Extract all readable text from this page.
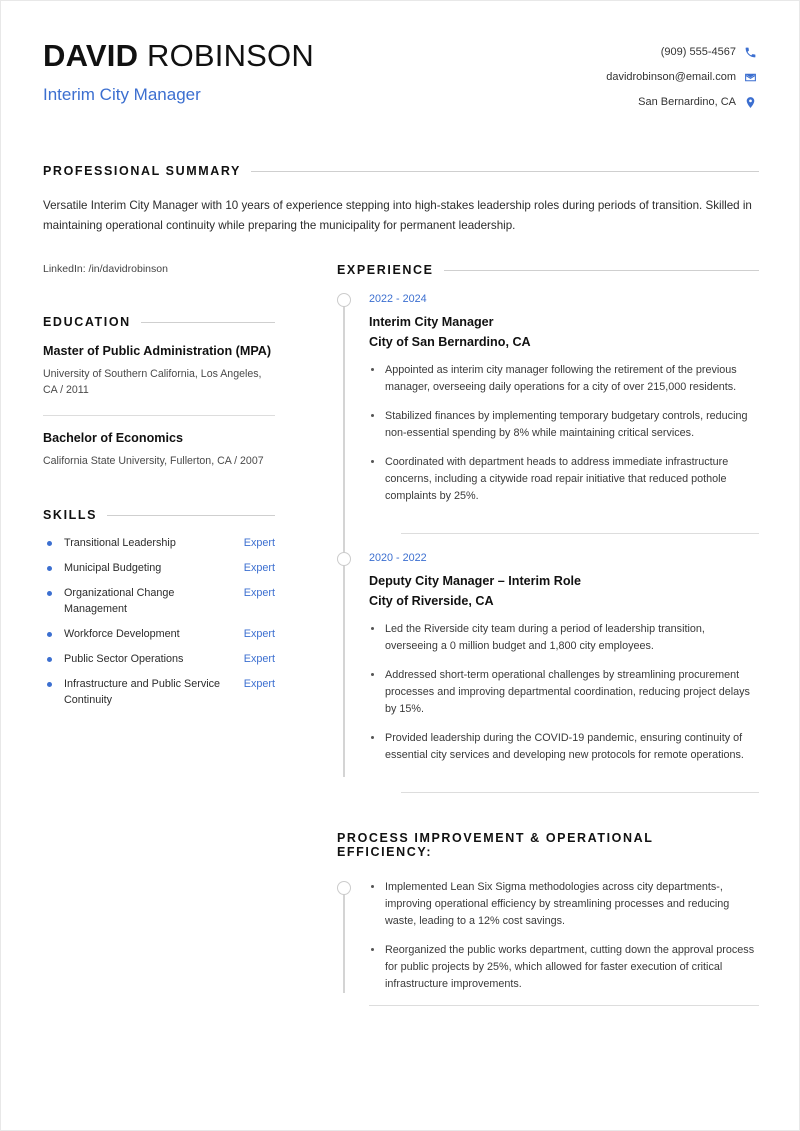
DAVID ROBINSON
Interim City Manager
(909) 555-4567
davidrobinson@email.com
San Bernardino, CA
PROFESSIONAL SUMMARY
Versatile Interim City Manager with 10 years of experience stepping into high-stakes leadership roles during periods of transition. Skilled in maintaining operational continuity while preparing the municipality for permanent leadership.
LinkedIn: /in/davidrobinson
EDUCATION
Master of Public Administration (MPA)
University of Southern California, Los Angeles, CA / 2011
Bachelor of Economics
California State University, Fullerton, CA / 2007
SKILLS
Transitional Leadership	Expert
Municipal Budgeting	Expert
Organizational Change Management
Expert
Workforce Development	Expert
Public Sector Operations	Expert
Infrastructure and Public Service Continuity
Expert
EXPERIENCE
2022 - 2024
Interim City Manager
City of San Bernardino, CA
Appointed as interim city manager following the retirement of the previous manager, overseeing daily operations for a city of over 215,000 residents.
Stabilized finances by implementing temporary budgetary controls, reducing non-essential spending by 8% while maintaining critical services.
Coordinated with department heads to address immediate infrastructure concerns, including a citywide road repair initiative that reduced pothole complaints by 25%.
2020 - 2022
Deputy City Manager – Interim Role
City of Riverside, CA
Led the Riverside city team during a period of leadership transition, overseeing a 0 million budget and 1,800 city employees.
Addressed short-term operational challenges by streamlining procurement processes and improving departmental coordination, reducing project delays by 15%.
Provided leadership during the COVID-19 pandemic, ensuring continuity of essential city services and developing new protocols for remote operations.
PROCESS IMPROVEMENT & OPERATIONAL EFFICIENCY:
Implemented Lean Six Sigma methodologies across city departments-, improving operational efficiency by streamlining processes and reducing waste, leading to a 12% cost savings.
Reorganized the public works department, cutting down the approval process for public projects by 25%, which allowed for faster execution of critical infrastructure improvements.
